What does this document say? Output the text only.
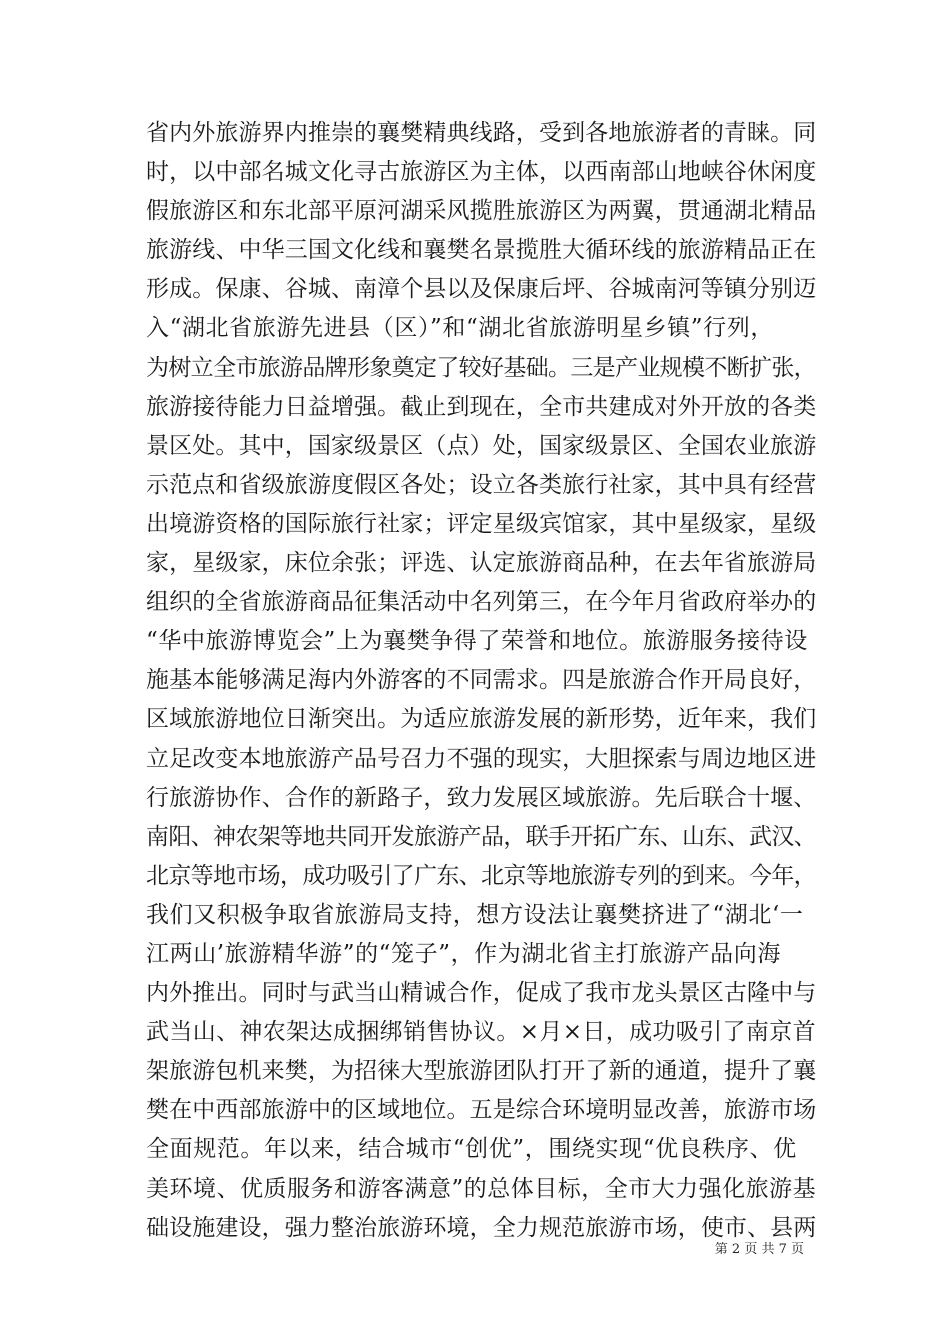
省内外旅游界内推崇的襄樊精典线路，受到各地旅游者的青睐。同
时，以中部名城文化寻古旅游区为主体，以西南部山地峡谷休闲度
假旅游区和东北部平原河湖采风揽胜旅游区为两翼，贯通湖北精品
旅游线、中华三国文化线和襄樊名景揽胜大循环线的旅游精品正在
形成。保康、谷城、南漳个县以及保康后坪、谷城南河等镇分别迈
入“湖北省旅游先进县（区）”和“湖北省旅游明星乡镇”行列，
为树立全市旅游品牌形象奠定了较好基础。三是产业规模不断扩张，
旅游接待能力日益增强。截止到现在，全市共建成对外开放的各类
景区处。其中，国家级景区（点）处，国家级景区、全国农业旅游
示范点和省级旅游度假区各处；设立各类旅行社家，其中具有经营
出境游资格的国际旅行社家；评定星级宾馆家，其中星级家，星级
家，星级家，床位余张；评选、认定旅游商品种，在去年省旅游局
组织的全省旅游商品征集活动中名列第三，在今年月省政府举办的
“华中旅游博览会”上为襄樊争得了荣誉和地位。旅游服务接待设
施基本能够满足海内外游客的不同需求。四是旅游合作开局良好，
区域旅游地位日渐突出。为适应旅游发展的新形势，近年来，我们
立足改变本地旅游产品号召力不强的现实，大胆探索与周边地区进
行旅游协作、合作的新路子，致力发展区域旅游。先后联合十堰、
南阳、神农架等地共同开发旅游产品，联手开拓广东、山东、武汉、
北京等地市场，成功吸引了广东、北京等地旅游专列的到来。今年，
我们又积极争取省旅游局支持，想方设法让襄樊挤进了“湖北‘一
江两山’旅游精华游”的“笼子”，作为湖北省主打旅游产品向海
内外推出。同时与武当山精诚合作，促成了我市龙头景区古隆中与
武当山、神农架达成捆绑销售协议。×月×日，成功吸引了南京首
架旅游包机来樊，为招徕大型旅游团队打开了新的通道，提升了襄
樊在中西部旅游中的区域地位。五是综合环境明显改善，旅游市场
全面规范。年以来，结合城市“创优”，围绕实现“优良秩序、优
美环境、优质服务和游客满意”的总体目标，全市大力强化旅游基
础设施建设，强力整治旅游环境，全力规范旅游市场，使市、县两
第 2 页 共 7 页
